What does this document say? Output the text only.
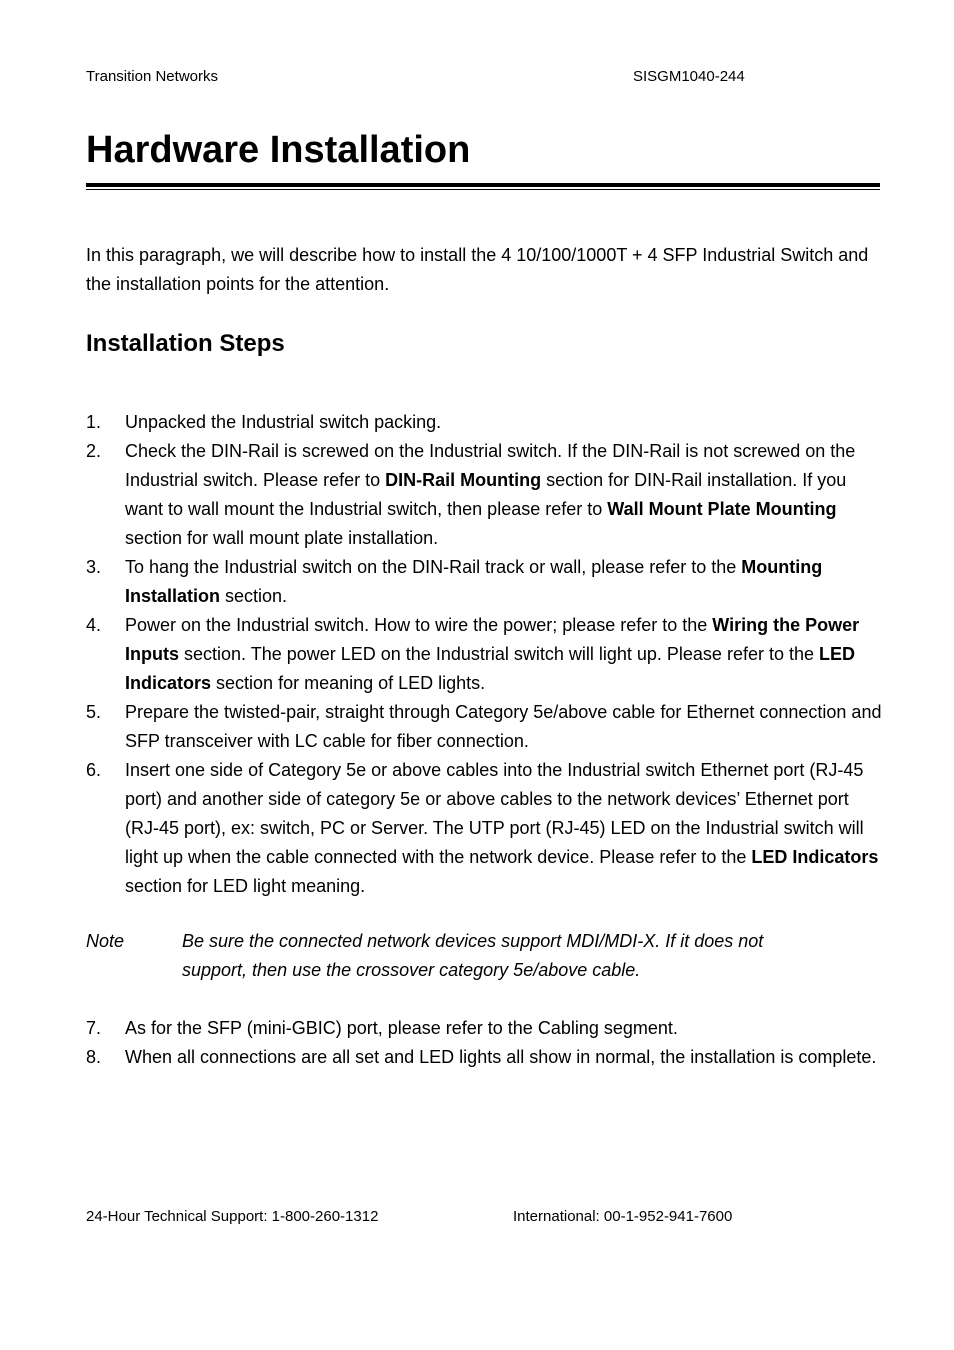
Transition Networks	SISGM1040-244
Hardware Installation

In this paragraph, we will describe how to install the 4 10/100/1000T + 4 SFP Industrial Switch and the installation points for the attention.

Installation Steps
1. Unpacked the Industrial switch packing.
2. Check the DIN-Rail is screwed on the Industrial switch. If the DIN-Rail is not screwed on the Industrial switch. Please refer to DIN-Rail Mounting section for DIN-Rail installation. If you want to wall mount the Industrial switch, then please refer to Wall Mount Plate Mounting section for wall mount plate installation.
3. To hang the Industrial switch on the DIN-Rail track or wall, please refer to the Mounting Installation section.
4. Power on the Industrial switch. How to wire the power; please refer to the Wiring the Power Inputs section. The power LED on the Industrial switch will light up. Please refer to the LED Indicators section for meaning of LED lights.
5. Prepare the twisted-pair, straight through Category 5e/above cable for Ethernet connection and SFP transceiver with LC cable for fiber connection.
6. Insert one side of Category 5e or above cables into the Industrial switch Ethernet port (RJ-45 port) and another side of category 5e or above cables to the network devices’ Ethernet port (RJ-45 port), ex: switch, PC or Server. The UTP port (RJ-45) LED on the Industrial switch will light up when the cable connected with the network device. Please refer to the LED Indicators section for LED light meaning.
Note	Be sure the connected network devices support MDI/MDI-X. If it does not support, then use the crossover category 5e/above cable.
7. As for the SFP (mini-GBIC) port, please refer to the Cabling segment.
8. When all connections are all set and LED lights all show in normal, the installation is complete.
24-Hour Technical Support: 1-800-260-1312	International: 00-1-952-941-7600
